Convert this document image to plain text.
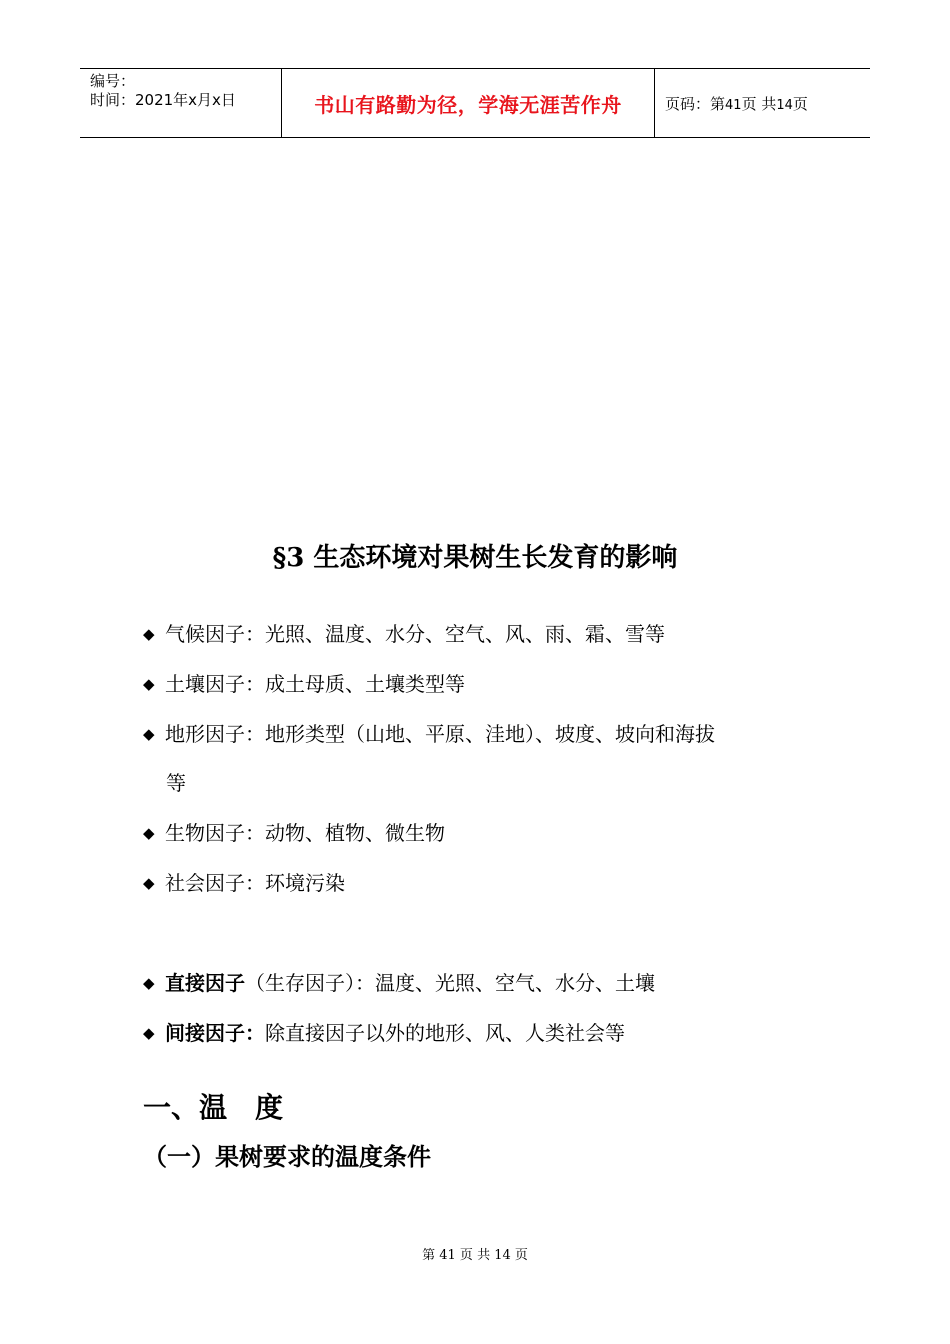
编号：
时间：2021年x月x日	书山有路勤为径，学海无涯苦作舟	页码：第41页 共14页
§3 生态环境对果树生长发育的影响
◆ 气候因子：光照、温度、水分、空气、风、雨、霜、雪等
◆ 土壤因子：成土母质、土壤类型等
◆ 地形因子：地形类型（山地、平原、洼地）、坡度、坡向和海拔
等
◆ 生物因子：动物、植物、微生物
◆ 社会因子：环境污染
◆ 直接因子（生存因子）：温度、光照、空气、水分、土壤
◆ 间接因子：除直接因子以外的地形、风、人类社会等
一、温　度
（一）果树要求的温度条件
第 41 页 共 14 页
